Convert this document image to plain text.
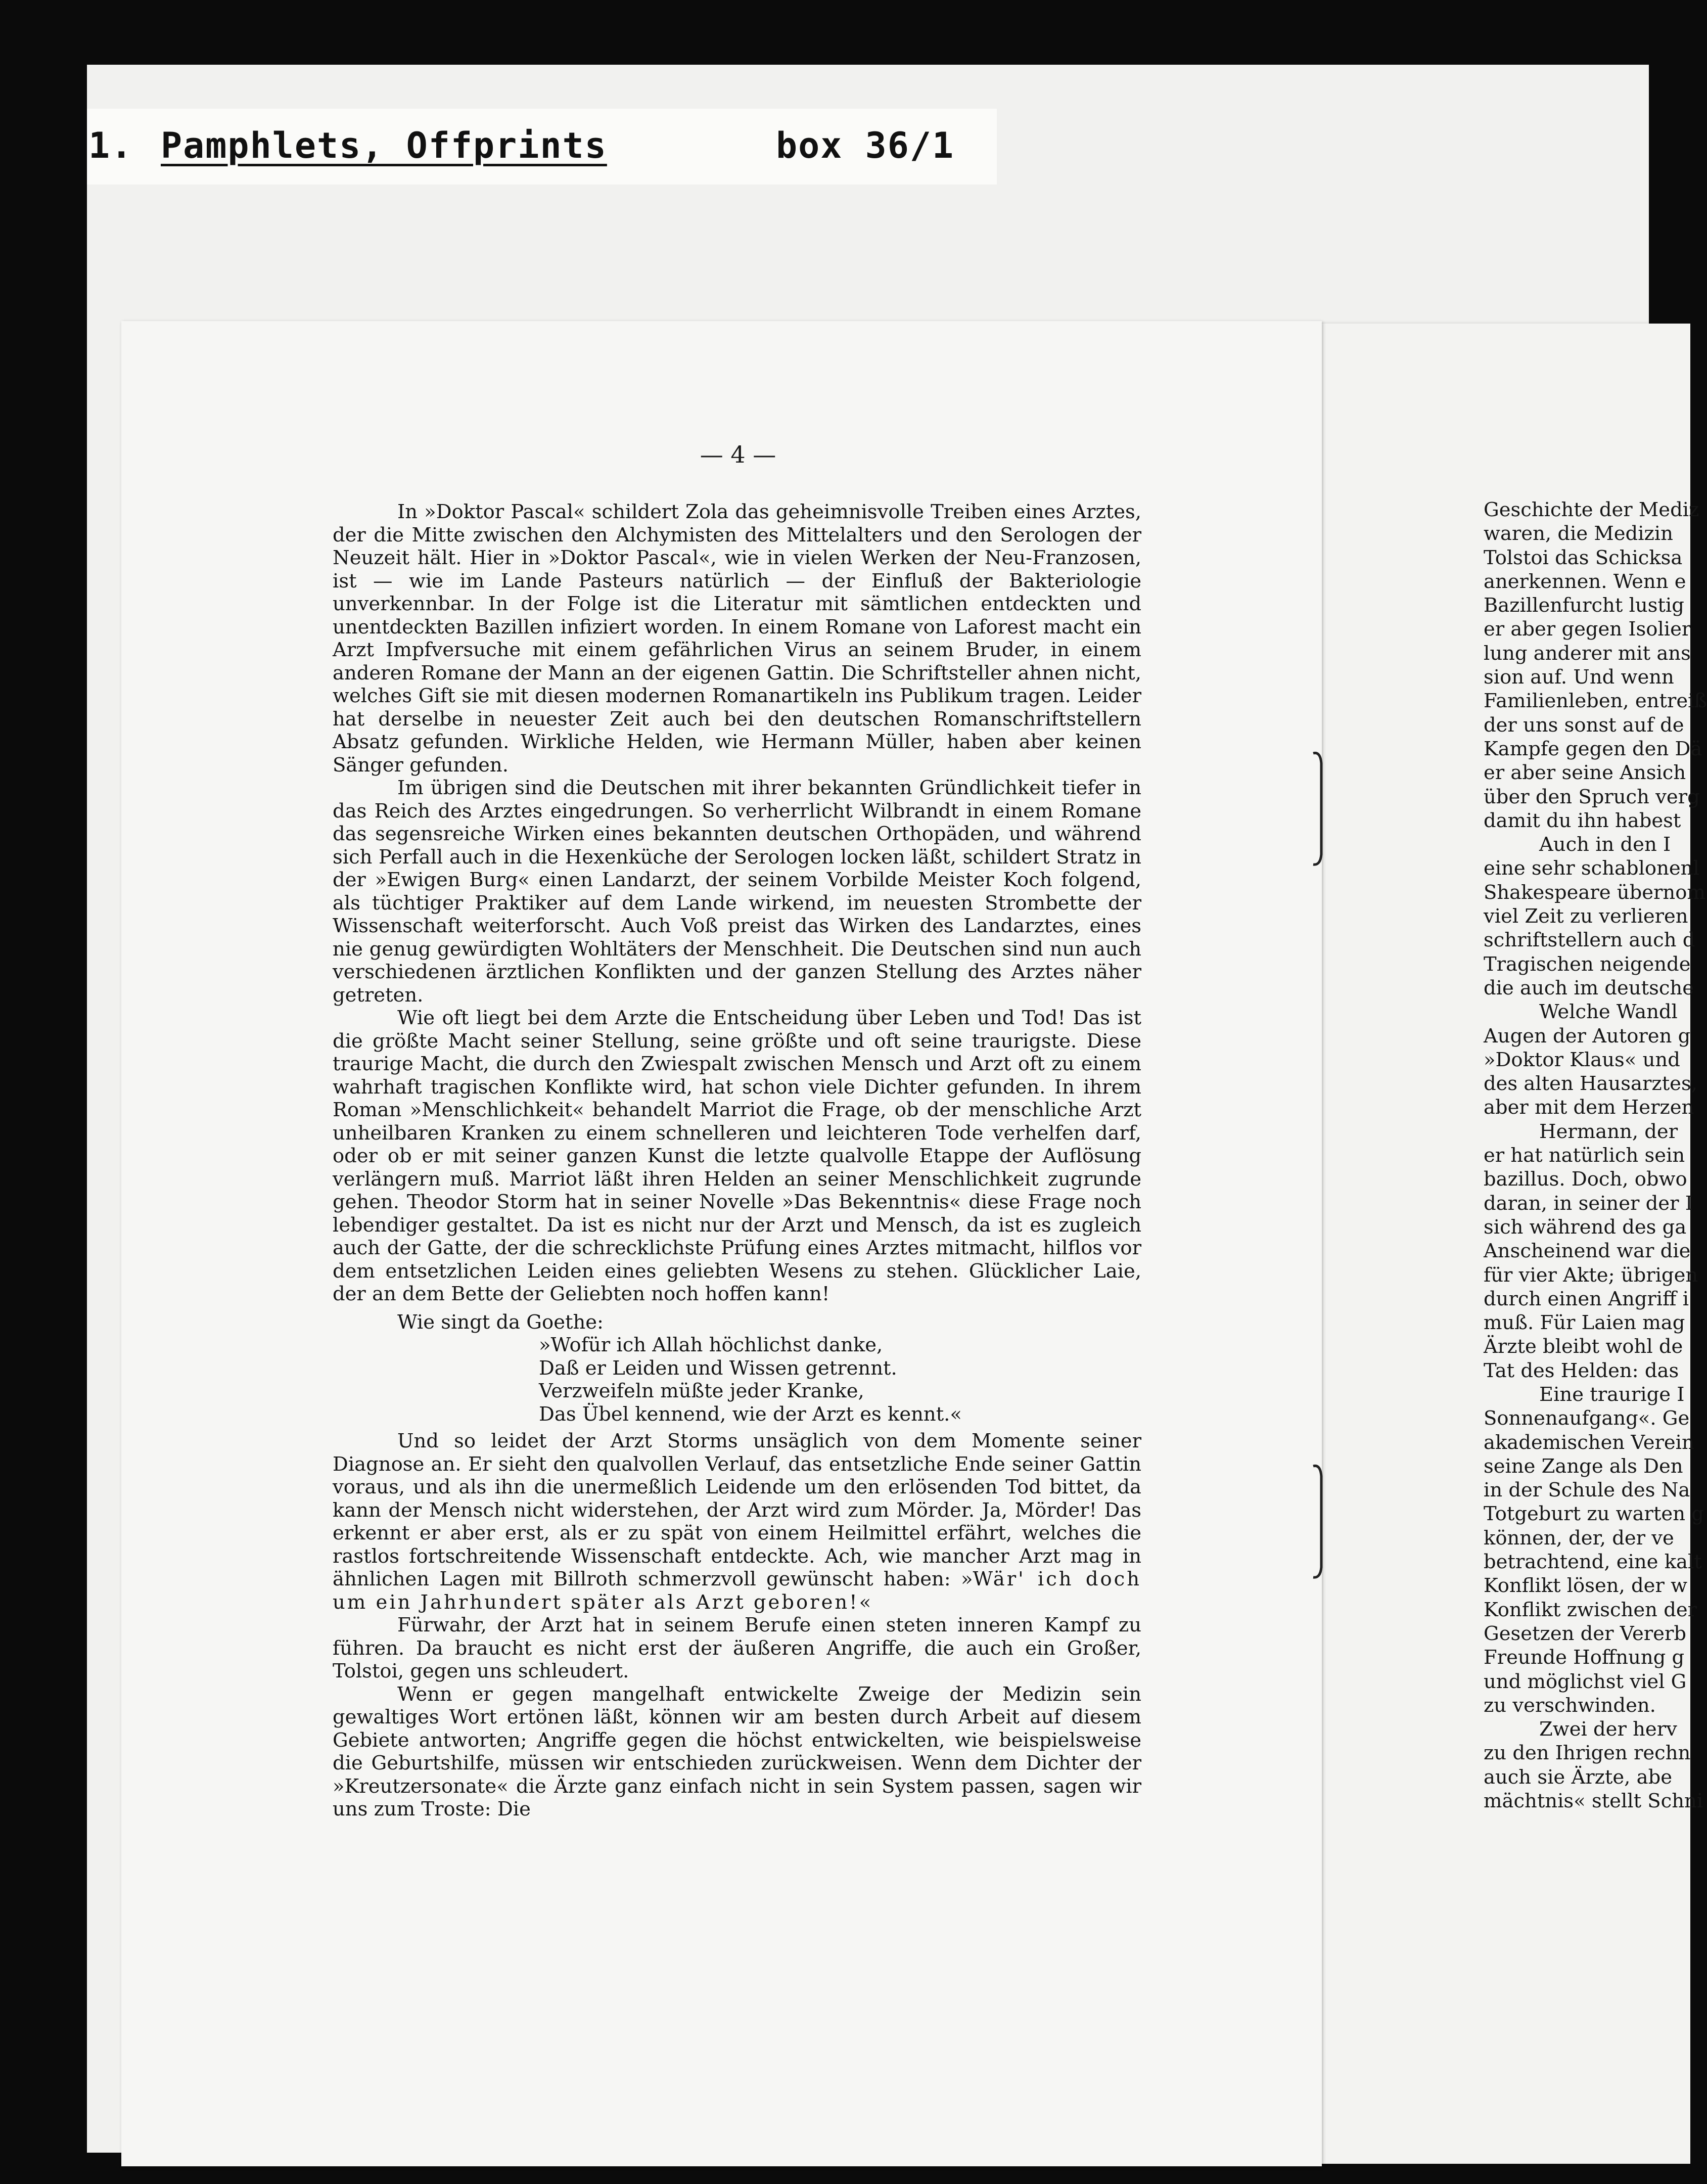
1. Pamphlets, Offprints	box 36/1
— 4 —

In »Doktor Pascal« schildert Zola das geheimnisvolle Treiben eines Arztes, der die Mitte zwischen den Alchymisten des Mittelalters und den Serologen der Neuzeit hält. Hier in »Doktor Pascal«, wie in vielen Werken der Neu-Franzosen, ist — wie im Lande Pasteurs natürlich — der Einfluß der Bakteriologie unverkennbar. In der Folge ist die Literatur mit sämtlichen entdeckten und unentdeckten Bazillen infiziert worden. In einem Romane von Laforest macht ein Arzt Impfversuche mit einem gefährlichen Virus an seinem Bruder, in einem anderen Romane der Mann an der eigenen Gattin. Die Schriftsteller ahnen nicht, welches Gift sie mit diesen modernen Romanartikeln ins Publikum tragen. Leider hat derselbe in neuester Zeit auch bei den deutschen Romanschriftstellern Absatz gefunden. Wirkliche Helden, wie Hermann Müller, haben aber keinen Sänger gefunden.

Im übrigen sind die Deutschen mit ihrer bekannten Gründlichkeit tiefer in das Reich des Arztes eingedrungen. So verherrlicht Wilbrandt in einem Romane das segensreiche Wirken eines bekannten deutschen Orthopäden, und während sich Perfall auch in die Hexenküche der Serologen locken läßt, schildert Stratz in der »Ewigen Burg« einen Landarzt, der seinem Vorbilde Meister Koch folgend, als tüchtiger Praktiker auf dem Lande wirkend, im neuesten Strombette der Wissenschaft weiterforscht. Auch Voß preist das Wirken des Landarztes, eines nie genug gewürdigten Wohltäters der Menschheit. Die Deutschen sind nun auch verschiedenen ärztlichen Konflikten und der ganzen Stellung des Arztes näher getreten.

Wie oft liegt bei dem Arzte die Entscheidung über Leben und Tod! Das ist die größte Macht seiner Stellung, seine größte und oft seine traurigste. Diese traurige Macht, die durch den Zwiespalt zwischen Mensch und Arzt oft zu einem wahrhaft tragischen Konflikte wird, hat schon viele Dichter gefunden. In ihrem Roman »Menschlichkeit« behandelt Marriot die Frage, ob der menschliche Arzt unheilbaren Kranken zu einem schnelleren und leichteren Tode verhelfen darf, oder ob er mit seiner ganzen Kunst die letzte qualvolle Etappe der Auflösung verlängern muß. Marriot läßt ihren Helden an seiner Menschlichkeit zugrunde gehen. Theodor Storm hat in seiner Novelle »Das Bekenntnis« diese Frage noch lebendiger gestaltet. Da ist es nicht nur der Arzt und Mensch, da ist es zugleich auch der Gatte, der die schrecklichste Prüfung eines Arztes mitmacht, hilflos vor dem entsetzlichen Leiden eines geliebten Wesens zu stehen. Glücklicher Laie, der an dem Bette der Geliebten noch hoffen kann!

Wie singt da Goethe:
»Wofür ich Allah höchlichst danke,
Daß er Leiden und Wissen getrennt.
Verzweifeln müßte jeder Kranke,
Das Übel kennend, wie der Arzt es kennt.«

Und so leidet der Arzt Storms unsäglich von dem Momente seiner Diagnose an. Er sieht den qualvollen Verlauf, das entsetzliche Ende seiner Gattin voraus, und als ihn die unermeßlich Leidende um den erlösenden Tod bittet, da kann der Mensch nicht widerstehen, der Arzt wird zum Mörder. Ja, Mörder! Das erkennt er aber erst, als er zu spät von einem Heilmittel erfährt, welches die rastlos fortschreitende Wissenschaft entdeckte. Ach, wie mancher Arzt mag in ähnlichen Lagen mit Billroth schmerzvoll gewünscht haben: »Wär' ich doch um ein Jahrhundert später als Arzt geboren!«

Fürwahr, der Arzt hat in seinem Berufe einen steten inneren Kampf zu führen. Da braucht es nicht erst der äußeren Angriffe, die auch ein Großer, Tolstoi, gegen uns schleudert.

Wenn er gegen mangelhaft entwickelte Zweige der Medizin sein gewaltiges Wort ertönen läßt, können wir am besten durch Arbeit auf diesem Gebiete antworten; Angriffe gegen die höchst entwickelten, wie beispielsweise die Geburtshilfe, müssen wir entschieden zurückweisen. Wenn dem Dichter der »Kreutzersonate« die Ärzte ganz einfach nicht in sein System passen, sagen wir uns zum Troste: Die

Geschichte der Mediz
waren, die Medizin
Tolstoi das Schicksa
anerkennen. Wenn e
Bazillenfurcht lustig
er aber gegen Isolier
lung anderer mit ans
sion auf. Und wenn
Familienleben, entreiß
der uns sonst auf de
Kampfe gegen den Dä
er aber seine Ansich
über den Spruch verg
damit du ihn habest
Auch in den I
eine sehr schablonenl
Shakespeare übernom
viel Zeit zu verlieren
schriftstellern auch d
Tragischen neigende
die auch im deutsche
Welche Wandl
Augen der Autoren g
»Doktor Klaus« und
des alten Hausarztes,
aber mit dem Herzen
Hermann, der
er hat natürlich sein
bazillus. Doch, obwo
daran, in seiner der I
sich während des ga
Anscheinend war die
für vier Akte; übrigen
durch einen Angriff i
muß. Für Laien mag
Ärzte bleibt wohl de
Tat des Helden: das
Eine traurige I
Sonnenaufgang«. Ge
akademischen Verein
seine Zange als Den
in der Schule des Na
Totgeburt zu warten g
können, der, der ve
betrachtend, eine kalt
Konflikt lösen, der w
Konflikt zwischen der
Gesetzen der Vererb
Freunde Hoffnung g
und möglichst viel G
zu verschwinden.
Zwei der herv
zu den Ihrigen rechn
auch sie Ärzte, abe
mächtnis« stellt Schni
